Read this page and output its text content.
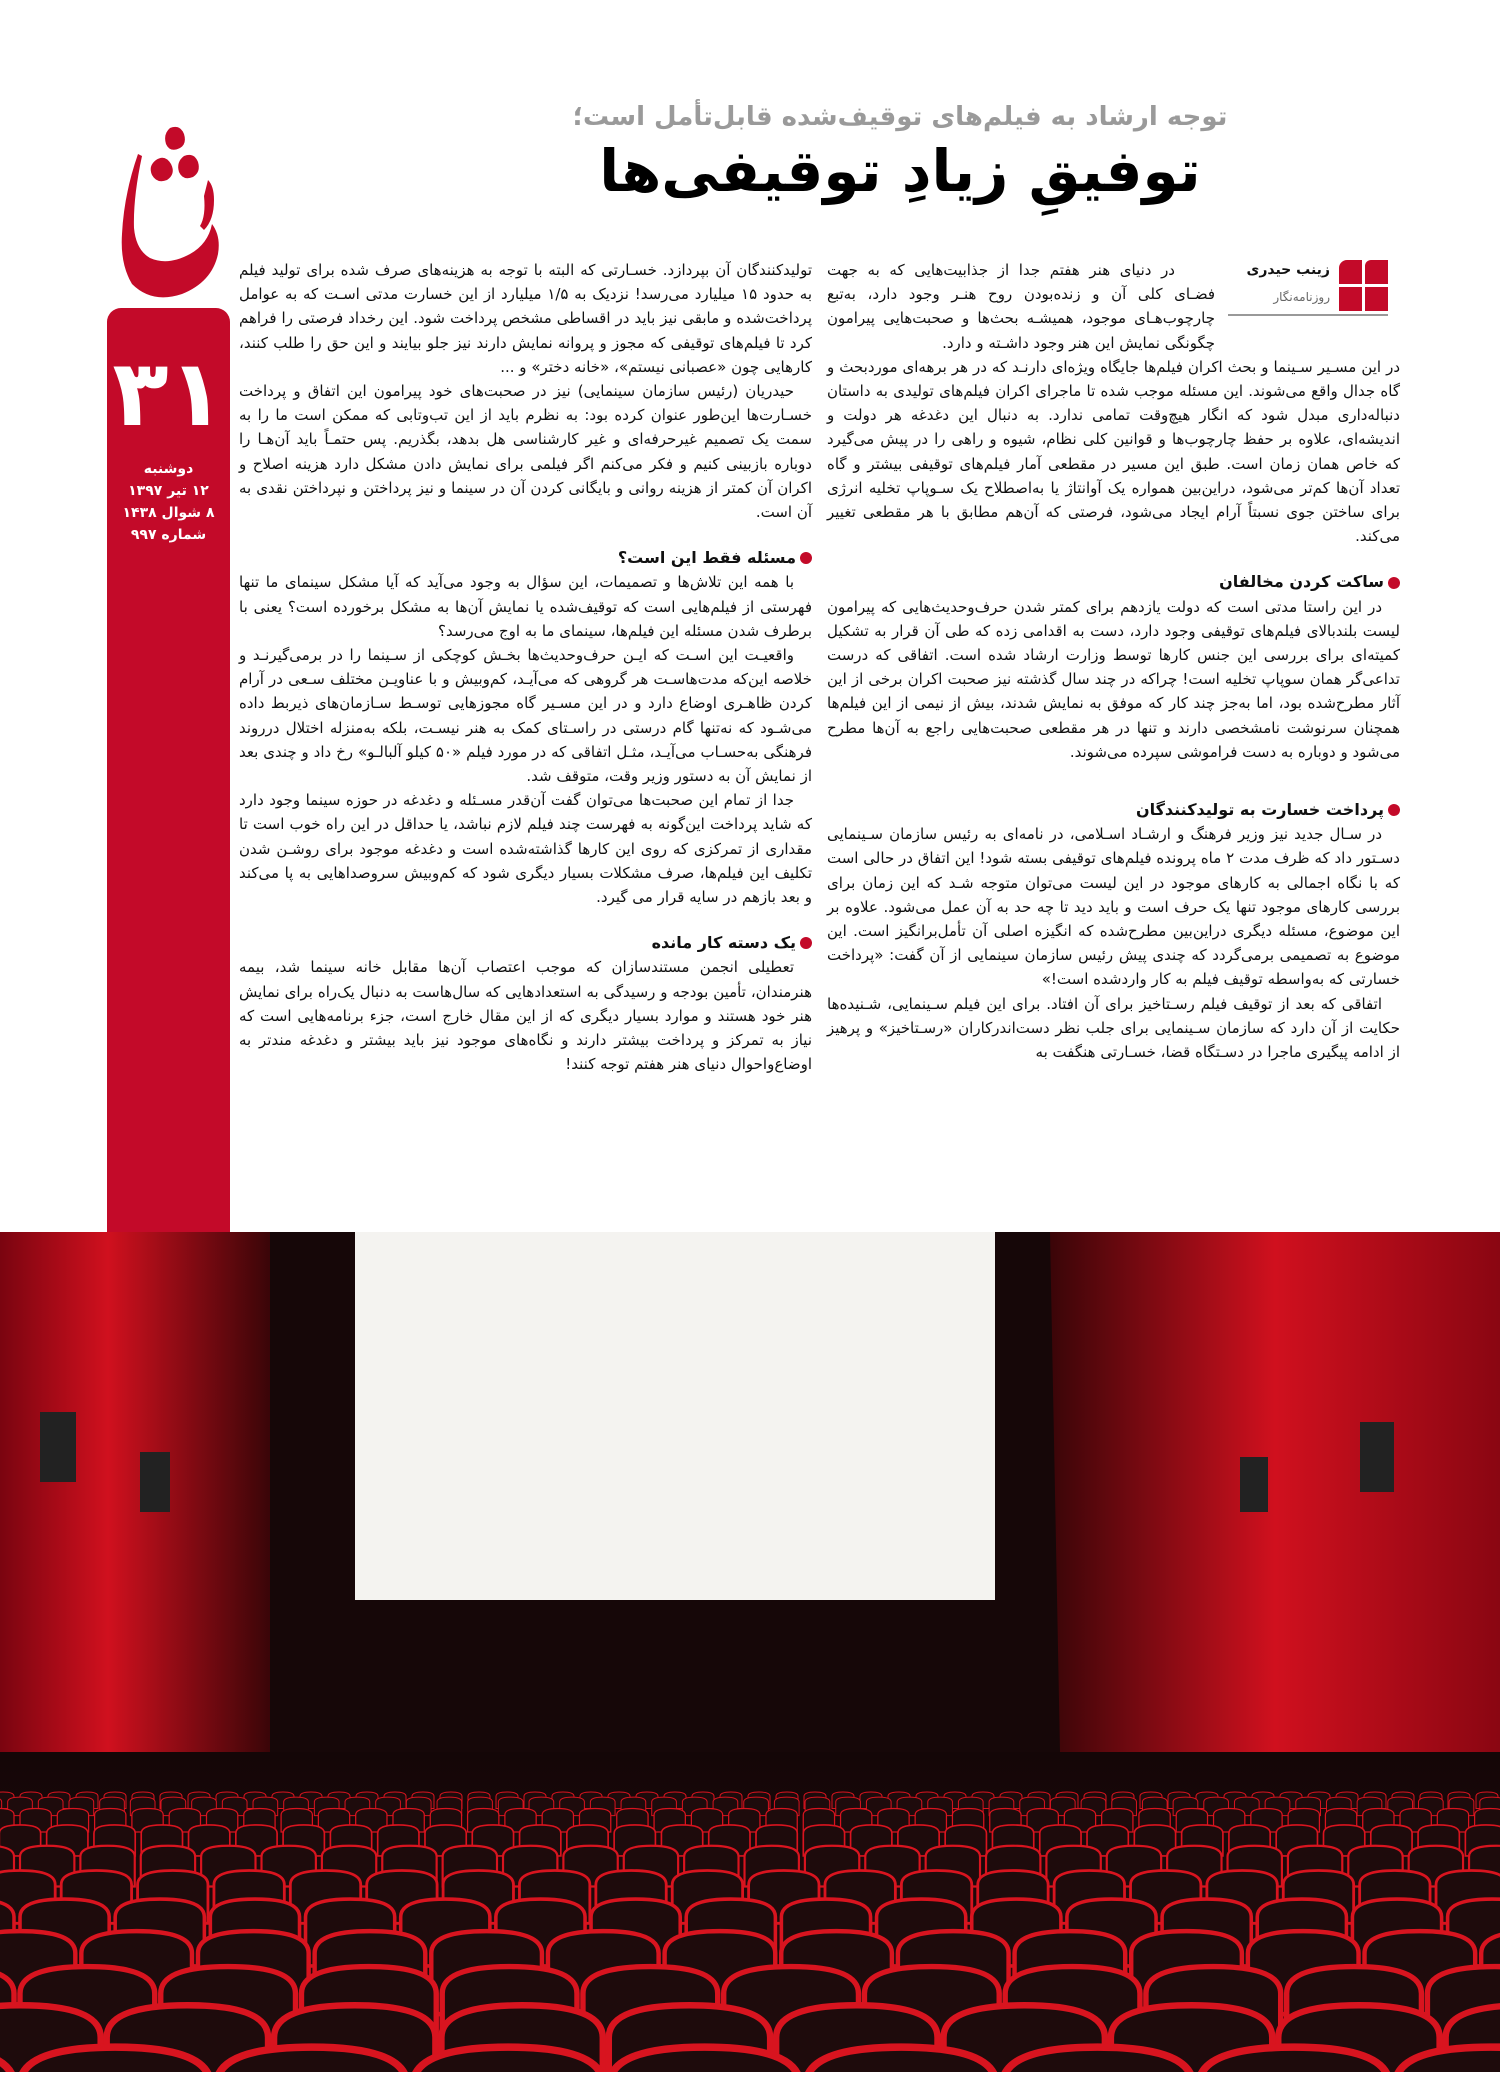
۳۱
دوشنبه
۱۲ تیر ۱۳۹۷
۸ شوال ۱۴۳۸
شماره ۹۹۷
توجه ارشاد به فیلم‌های توقیف‌شده قابل‌تأمل است؛
توفیقِ زیادِ توقیفی‌ها
زینب حیدری
روزنامه‌نگار

در دنیای هنر هفتم جدا از جذابیت‌هایی که به جهت فضـای کلی آن و زنده‌بودن روح هنـر وجود دارد، به‌تبع چارچوب‌هـای موجود، همیشـه بحث‌ها و صحبت‌هایی پیرامون چگونگی نمایش این هنر وجود داشـته و دارد.

در این مسـیر سـینما و بحث اکران فیلم‌ها جایگاه ویژه‌ای دارنـد که در هر برهه‌ای موردبحث و گاه جدال واقع می‌شوند. این مسئله موجب شده تا ماجرای اکران فیلم‌های تولیدی به داستان دنباله‌داری مبدل شود که انگار هیچ‌وقت تمامی ندارد. به دنبال این دغدغه هر دولت و اندیشه‌ای، علاوه بر حفظ چارچوب‌ها و قوانین کلی نظام، شیوه و راهی را در پیش می‌گیرد که خاص همان زمان است. طبق این مسیر در مقطعی آمار فیلم‌های توقیفی بیشتر و گاه تعداد آن‌ها کم‌تر می‌شود، دراین‌بین همواره یک آوانتاژ یا به‌اصطلاح یک سـوپاپ تخلیه انرژی برای ساختن جوی نسبتاً آرام ایجاد می‌شود، فرصتی که آن‌هم مطابق با هر مقطعی تغییر می‌کند.

ساکت کردن مخالفان

در این راستا مدتی است که دولت یازدهم برای کمتر شدن حرف‌وحدیث‌هایی که پیرامون لیست بلندبالای فیلم‌های توقیفی وجود دارد، دست به اقدامی زده که طی آن قرار به تشکیل کمیته‌ای برای بررسی این جنس کارها توسط وزارت ارشاد شده است. اتفاقی که درست تداعی‌گر همان سوپاپ تخلیه است! چراکه در چند سال گذشته نیز صحبت اکران برخی از این آثار مطرح‌شده بود، اما به‌جز چند کار که موفق به نمایش شدند، بیش از نیمی از این فیلم‌ها همچنان سرنوشت نامشخصی دارند و تنها در هر مقطعی صحبت‌هایی راجع به آن‌ها مطرح می‌شود و دوباره به دست فراموشی سپرده می‌شوند.

پرداخت خسارت به تولیدکنندگان

در سـال جدید نیز وزیر فرهنگ و ارشـاد اسـلامی، در نامه‌ای به رئیس سازمان سـینمایی دسـتور داد که ظرف مدت ۲ ماه پرونده فیلم‌های توقیفی بسته شود! این اتفاق در حالی است که با نگاه اجمالی به کارهای موجود در این لیست می‌توان متوجه شـد که این زمان برای بررسی کارهای موجود تنها یک حرف است و باید دید تا چه حد به آن عمل می‌شود. علاوه بر این موضوع، مسئله دیگری دراین‌بین مطرح‌شده که انگیزه اصلی آن تأمل‌برانگیز است. این موضوع به تصمیمی برمی‌گردد که چندی پیش رئیس سازمان سینمایی از آن گفت: «پرداخت خسارتی که به‌واسطه توقیف فیلم به کار واردشده است!»

اتفاقی که بعد از توقیف فیلم رسـتاخیز برای آن افتاد. برای این فیلم سـینمایی، شـنیده‌ها حکایت از آن دارد که سازمان سـینمایی برای جلب نظر دست‌اندرکاران «رسـتاخیز» و پرهیز از ادامه پیگیری ماجرا در دسـتگاه قضا، خسـارتی هنگفت به

تولیدکنندگان آن بپردازد. خسـارتی که البته با توجه به هزینه‌های صرف شده برای تولید فیلم به حدود ۱۵ میلیارد می‌رسد! نزدیک به ۱/۵ میلیارد از این خسارت مدتی اسـت که به عوامل پرداخت‌شده و مابقی نیز باید در اقساطی مشخص پرداخت شود. این رخداد فرصتی را فراهم کرد تا فیلم‌های توقیفی که مجوز و پروانه نمایش دارند نیز جلو بیایند و این حق را طلب کنند، کارهایی چون «عصبانی نیستم»، «خانه دختر» و ...

حیدریان (رئیس سازمان سینمایی) نیز در صحبت‌های خود پیرامون این اتفاق و پرداخت خسـارت‌ها این‌طور عنوان کرده بود: به نظرم باید از این تب‌وتابی که ممکن است ما را به سمت یک تصمیم غیرحرفه‌ای و غیر کارشناسی هل بدهد، بگذریم. پس حتمـاً باید آن‌هـا را دوباره بازبینی کنیم و فکر می‌کنم اگر فیلمی برای نمایش دادن مشکل دارد هزینه اصلاح و اکران آن کمتر از هزینه روانی و بایگانی کردن آن در سینما و نیز پرداختن و نپرداختن نقدی به آن است.

مسئله فقط این است؟

با همه این تلاش‌ها و تصمیمات، این سؤال به وجود می‌آید که آیا مشکل سینمای ما تنها فهرستی از فیلم‌هایی است که توقیف‌شده یا نمایش آن‌ها به مشکل برخورده است؟ یعنی با برطرف شدن مسئله این فیلم‌ها، سینمای ما به اوج می‌رسد؟

واقعیـت این اسـت که ایـن حرف‌وحدیث‌ها بخـش کوچکی از سـینما را در برمی‌گیرنـد و خلاصه این‌که مدت‌هاسـت هر گروهی که می‌آیـد، کم‌وبیش و با عناویـن مختلف سـعی در آرام کردن ظاهـری اوضاع دارد و در این مسـیر گاه مجوزهایی توسـط سـازمان‌های ذیربط داده می‌شـود که نه‌تنها گام درستی در راسـتای کمک به هنر نیسـت، بلکه به‌منزله اختلال درروند فرهنگی به‌حسـاب می‌آیـد، مثـل اتفاقی که در مورد فیلم «۵۰ کیلو آلبالـو» رخ داد و چندی بعد از نمایش آن به دستور وزیر وقت، متوقف شد.

جدا از تمام این صحبت‌ها می‌توان گفت آن‌قدر مسـئله و دغدغه در حوزه سینما وجود دارد که شاید پرداخت این‌گونه به فهرست چند فیلم لازم نباشد، یا حداقل در این راه خوب است تا مقداری از تمرکزی که روی این کارها گذاشته‌شده است و دغدغه موجود برای روشـن شدن تکلیف این فیلم‌ها، صرف مشکلات بسیار دیگری شود که کم‌وبیش سروصداهایی به پا می‌کند و بعد بازهم در سایه قرار می گیرد.

یک دسته کار مانده

تعطیلی انجمن مستندسازان که موجب اعتصاب آن‌ها مقابل خانه سینما شد، بیمه هنرمندان، تأمین بودجه و رسیدگی به استعدادهایی که سال‌هاست به دنبال یک‌راه برای نمایش هنر خود هستند و موارد بسیار دیگری که از این مقال خارج است، جزء برنامه‌هایی است که نیاز به تمرکز و پرداخت بیشتر دارند و نگاه‌های موجود نیز باید بیشتر و دغدغه مندتر به اوضاع‌واحوال دنیای هنر هفتم توجه کنند!
